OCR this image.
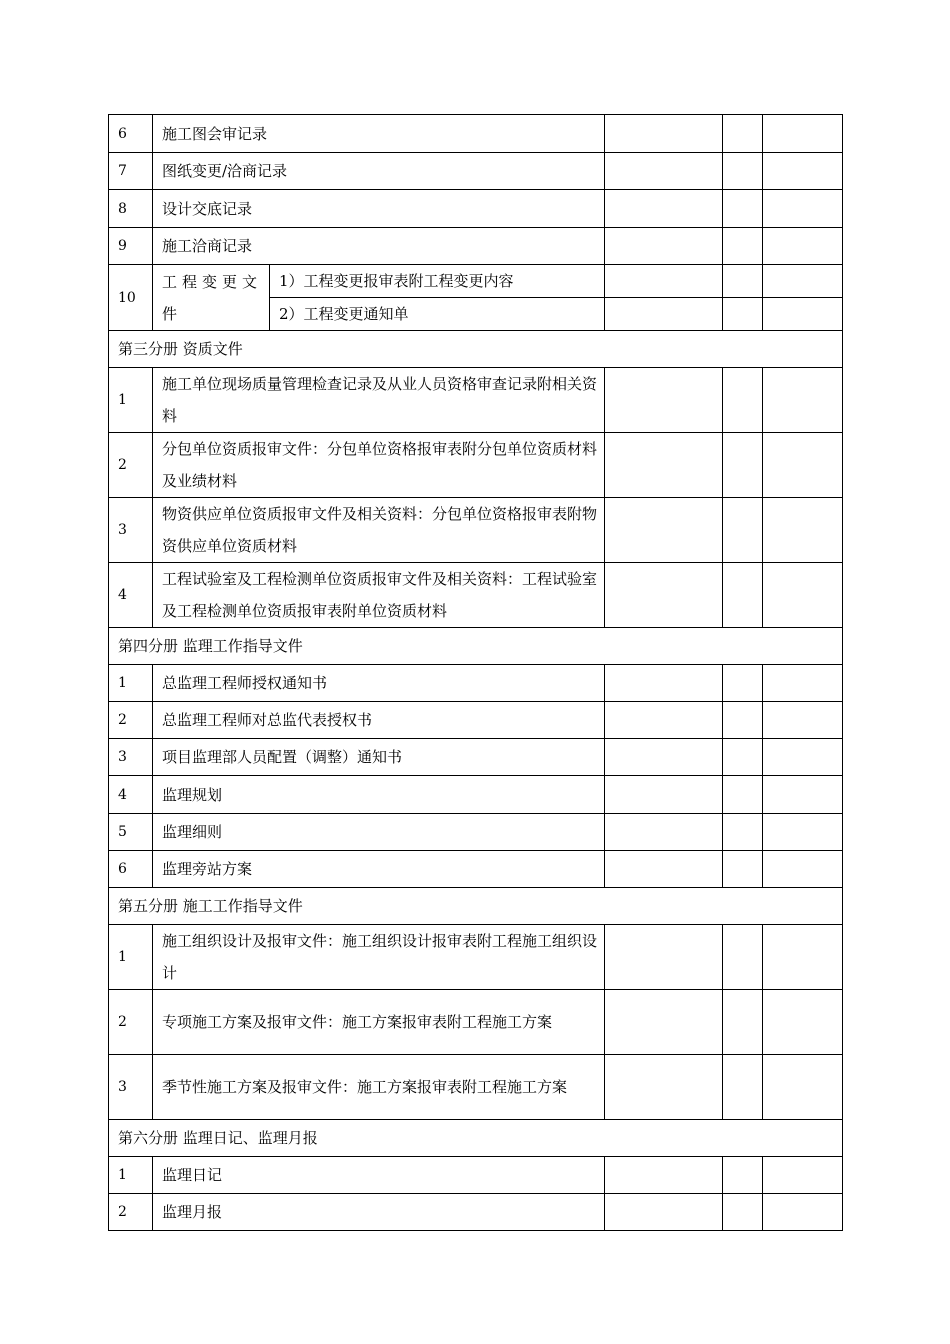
6	施工图会审记录				
7	图纸变更/洽商记录				
8	设计交底记录				
9	施工洽商记录				
10	工程变更文件	1）工程变更报审表附工程变更内容			
		2）工程变更通知单			
第三分册 资质文件					
1	施工单位现场质量管理检查记录及从业人员资格审查记录附相关资料				
2	分包单位资质报审文件：分包单位资格报审表附分包单位资质材料及业绩材料				
3	物资供应单位资质报审文件及相关资料：分包单位资格报审表附物资供应单位资质材料				
4	工程试验室及工程检测单位资质报审文件及相关资料：工程试验室及工程检测单位资质报审表附单位资质材料				
第四分册 监理工作指导文件					
1	总监理工程师授权通知书				
2	总监理工程师对总监代表授权书				
3	项目监理部人员配置（调整）通知书				
4	监理规划				
5	监理细则				
6	监理旁站方案				
第五分册 施工工作指导文件					
1	施工组织设计及报审文件：施工组织设计报审表附工程施工组织设计				
2	专项施工方案及报审文件：施工方案报审表附工程施工方案				
3	季节性施工方案及报审文件：施工方案报审表附工程施工方案				
第六分册 监理日记、监理月报					
1	监理日记				
2	监理月报				
